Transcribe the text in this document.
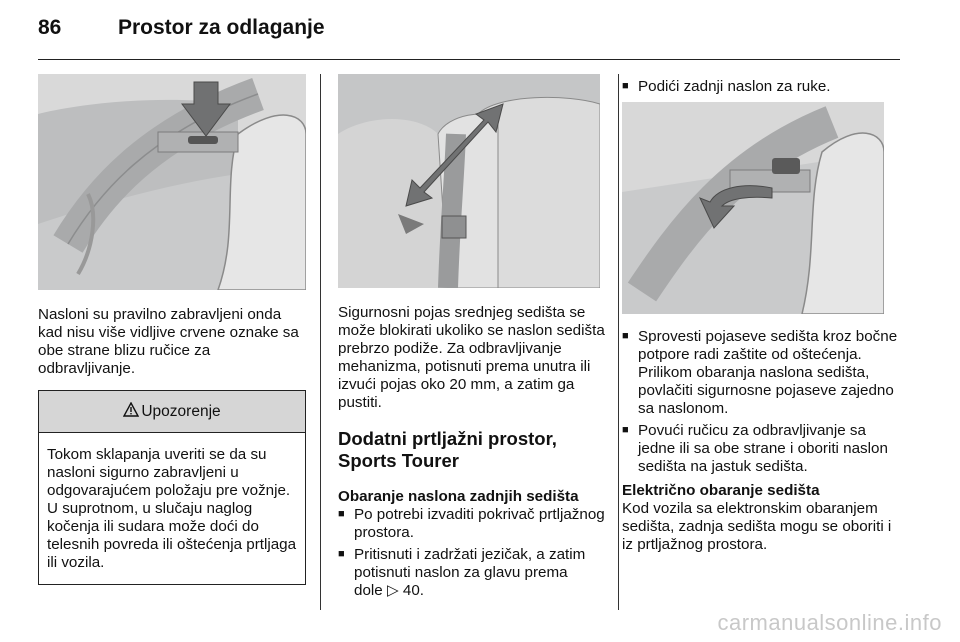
86	Prostor za odlaganje

Nasloni su pravilno zabravljeni onda kad nisu više vidljive crvene oznake sa obe strane blizu ručice za odbravljivanje.

Upozorenje
Tokom sklapanja uveriti se da su nasloni sigurno zabravljeni u odgovarajućem položaju pre vožnje. U suprotnom, u slučaju naglog kočenja ili sudara može doći do telesnih povreda ili oštećenja prtljaga ili vozila.

Sigurnosni pojas srednjeg sedišta se može blokirati ukoliko se naslon sedišta prebrzo podiže. Za odbravljivanje mehanizma, potisnuti prema unutra ili izvući pojas oko 20 mm, a zatim ga pustiti.

Dodatni prtljažni prostor, Sports Tourer
Obaranje naslona zadnjih sedišta
■ Po potrebi izvaditi pokrivač prtljažnog prostora.
■ Pritisnuti i zadržati jezičak, a zatim potisnuti naslon za glavu prema
dole ▷ 40.
■ Podići zadnji naslon za ruke.
■ Sprovesti pojaseve sedišta kroz bočne potpore radi zaštite od oštećenja. Prilikom obaranja naslona sedišta, povlačiti sigurnosne pojaseve zajedno sa naslonom.
■ Povući ručicu za odbravljivanje sa jedne ili sa obe strane i oboriti naslon sedišta na jastuk sedišta.
Električno obaranje sedišta

Kod vozila sa elektronskim obaranjem sedišta, zadnja sedišta mogu se oboriti i iz prtljažnog prostora.

carmanualsonline.info
